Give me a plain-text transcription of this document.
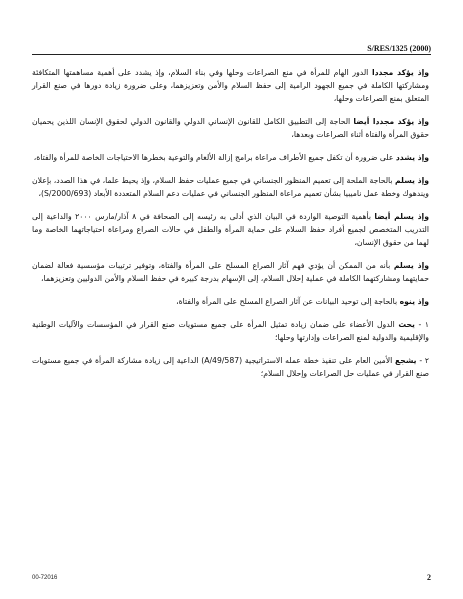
S/RES/1325 (2000)

وإذ يؤكد مجددا الدور الهام للمرأة في منع الصراعات وحلها وفي بناء السلام، وإذ يشدد على أهمية مساهمتها المتكافئة ومشاركتها الكاملة في جميع الجهود الرامية إلى حفظ السلام والأمن وتعزيزهما، وعلى ضرورة زيادة دورها في صنع القرار المتعلق بمنع الصراعات وحلها،

وإذ يؤكد مجددا أيضا الحاجة إلى التطبيق الكامل للقانون الإنساني الدولي والقانون الدولي لحقوق الإنسان اللذين يحميان حقوق المرأة والفتاة أثناء الصراعات وبعدها،

وإذ يشدد على ضرورة أن تكفل جميع الأطراف مراعاة برامج إزالة الألغام والتوعية بخطرها الاحتياجات الخاصة للمرأة والفتاة،

وإذ يسلم بالحاجة الملحة إلى تعميم المنظور الجنساني في جميع عمليات حفظ السلام، وإذ يحيط علما، في هذا الصدد، بإعلان ويندهوك وخطة عمل ناميبيا بشأن تعميم مراعاة المنظور الجنساني في عمليات دعم السلام المتعددة الأبعاد (S/2000/693)،

وإذ يسلم أيضا بأهمية التوصية الواردة في البيان الذي أدلى به رئيسه إلى الصحافة في ٨ آذار/مارس ٢٠٠٠ والداعية إلى التدريب المتخصص لجميع أفراد حفظ السلام على حماية المرأة والطفل في حالات الصراع ومراعاة احتياجاتهما الخاصة وما لهما من حقوق الإنسان،

وإذ يسلم بأنه من الممكن أن يؤدي فهم آثار الصراع المسلح على المرأة والفتاة، وتوفير ترتيبات مؤسسية فعالة لضمان حمايتهما ومشاركتهما الكاملة في عملية إحلال السلام، إلى الإسهام بدرجة كبيرة في حفظ السلام والأمن الدوليين وتعزيزهما،

وإذ ينوه بالحاجة إلى توحيد البيانات عن آثار الصراع المسلح على المرأة والفتاة،

١ - يحث الدول الأعضاء على ضمان زيادة تمثيل المرأة على جميع مستويات صنع القرار في المؤسسات والآليات الوطنية والإقليمية والدولية لمنع الصراعات وإدارتها وحلها؛

٢ - يشجع الأمين العام على تنفيذ خطة عمله الاستراتيجية (A/49/587) الداعية إلى زيادة مشاركة المرأة في جميع مستويات صنع القرار في عمليات حل الصراعات وإحلال السلام؛

00-72016	2
